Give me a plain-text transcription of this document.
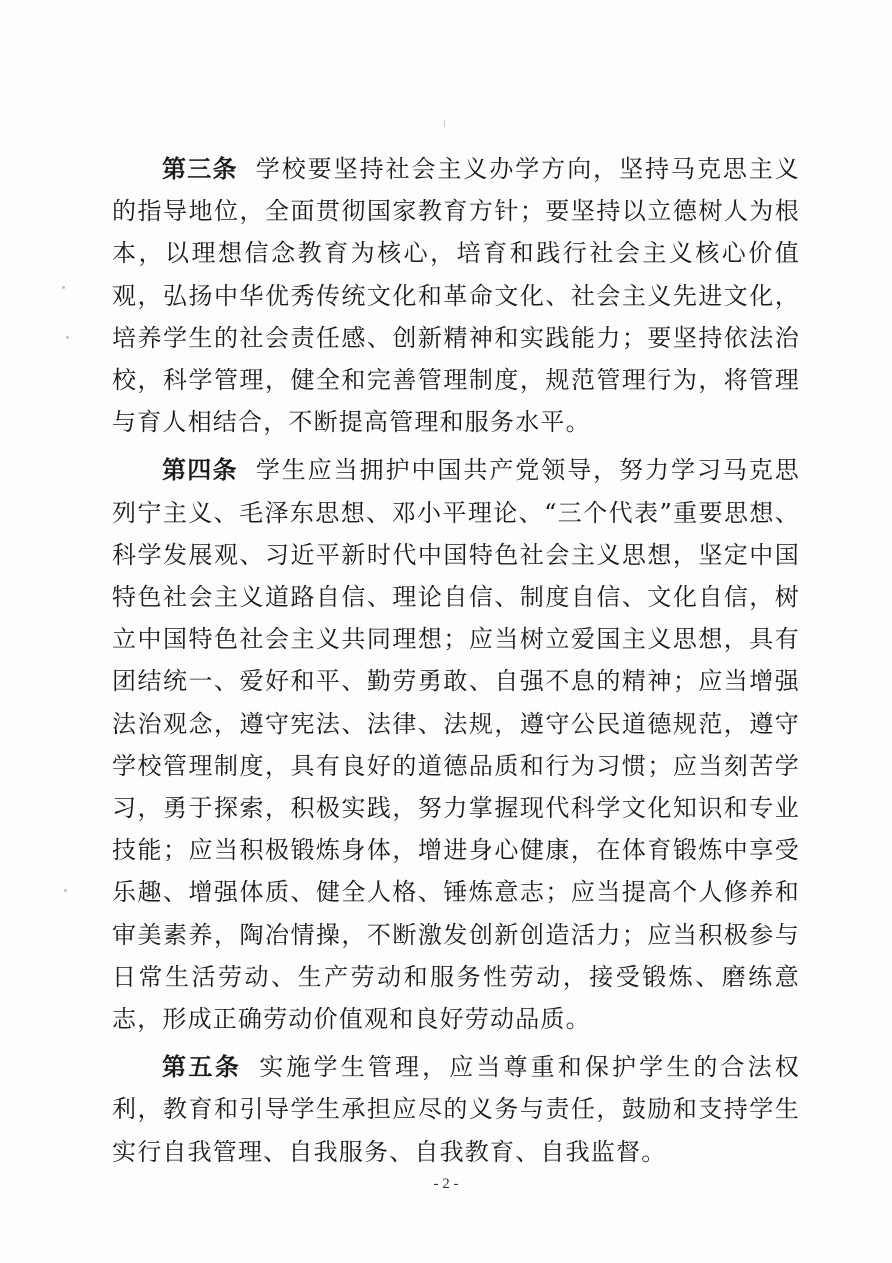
第三条 学校要坚持社会主义办学方向，坚持马克思主义的指导地位，全面贯彻国家教育方针；要坚持以立德树人为根本，以理想信念教育为核心，培育和践行社会主义核心价值观，弘扬中华优秀传统文化和革命文化、社会主义先进文化，培养学生的社会责任感、创新精神和实践能力；要坚持依法治校，科学管理，健全和完善管理制度，规范管理行为，将管理与育人相结合，不断提高管理和服务水平。

第四条 学生应当拥护中国共产党领导，努力学习马克思列宁主义、毛泽东思想、邓小平理论、“三个代表”重要思想、科学发展观、习近平新时代中国特色社会主义思想，坚定中国特色社会主义道路自信、理论自信、制度自信、文化自信，树立中国特色社会主义共同理想；应当树立爱国主义思想，具有团结统一、爱好和平、勤劳勇敢、自强不息的精神；应当增强法治观念，遵守宪法、法律、法规，遵守公民道德规范，遵守学校管理制度，具有良好的道德品质和行为习惯；应当刻苦学习，勇于探索，积极实践，努力掌握现代科学文化知识和专业技能；应当积极锻炼身体，增进身心健康，在体育锻炼中享受乐趣、增强体质、健全人格、锤炼意志；应当提高个人修养和审美素养，陶冶情操，不断激发创新创造活力；应当积极参与日常生活劳动、生产劳动和服务性劳动，接受锻炼、磨练意志，形成正确劳动价值观和良好劳动品质。

第五条 实施学生管理，应当尊重和保护学生的合法权利，教育和引导学生承担应尽的义务与责任，鼓励和支持学生实行自我管理、自我服务、自我教育、自我监督。

- 2 -
